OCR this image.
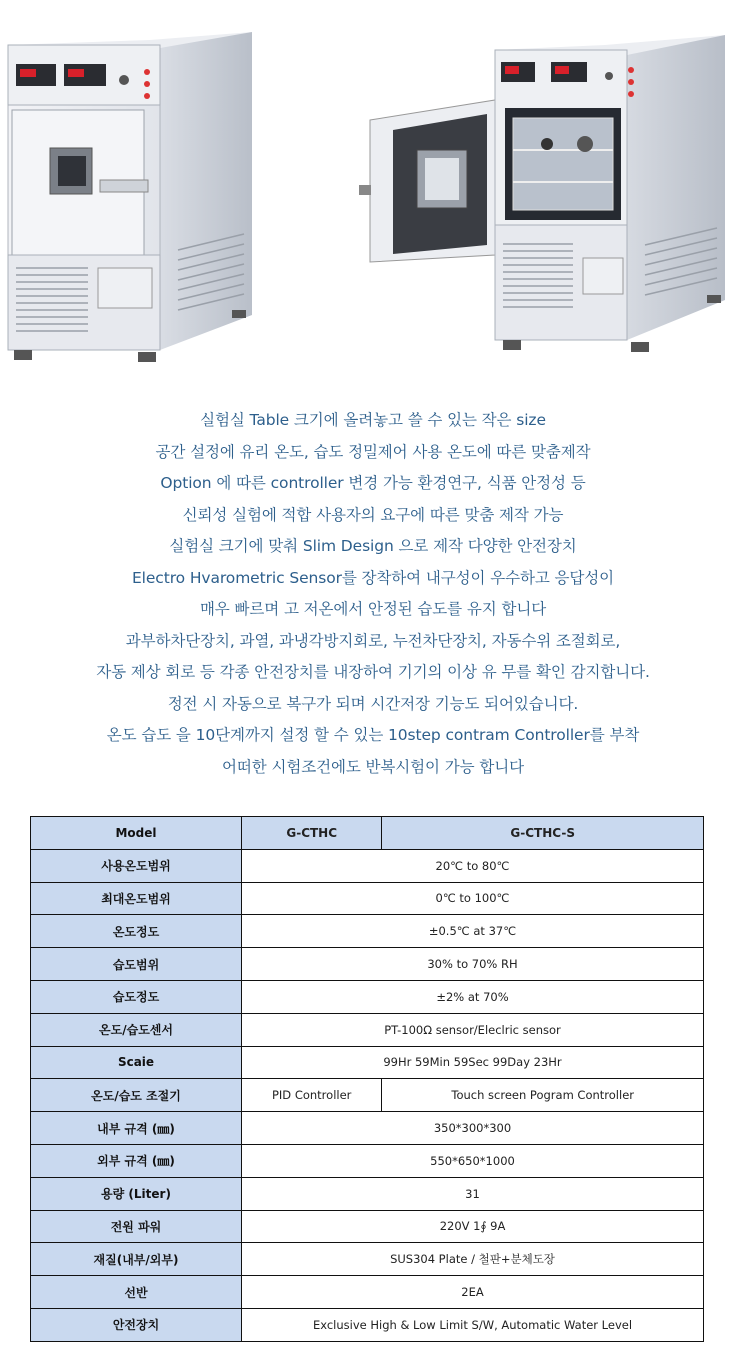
실험실 Table 크기에 올려놓고 쓸 수 있는 작은 size
공간 설정에 유리 온도, 습도 정밀제어 사용 온도에 따른 맞춤제작
Option 에 따른 controller 변경 가능 환경연구, 식품 안정성 등
신뢰성 실험에 적합 사용자의 요구에 따른 맞춤 제작 가능
실험실 크기에 맞춰 Slim Design 으로 제작 다양한 안전장치
Electro Hvarometric Sensor를 장착하여 내구성이 우수하고 응답성이
매우 빠르며 고 저온에서 안정된 습도를 유지 합니다
과부하차단장치, 과열, 과냉각방지회로, 누전차단장치, 자동수위 조절회로,
자동 제상 회로 등 각종 안전장치를 내장하여 기기의 이상 유 무를 확인 감지합니다.
정전 시 자동으로 복구가 되며 시간저장 기능도 되어있습니다.
온도 습도 을 10단계까지 설정 할 수 있는 10step contram Controller를 부착
어떠한 시험조건에도 반복시험이 가능 합니다
Model	G-CTHC	G-CTHC-S
사용온도범위	20℃ to 80℃	
최대온도범위	0℃ to 100℃	
온도정도	±0.5℃ at 37℃	
습도범위	30% to 70% RH	
습도정도	±2% at 70%	
온도/습도센서	PT-100Ω sensor/Eleclric sensor	
Scaie	99Hr 59Min 59Sec 99Day 23Hr	
온도/습도 조절기	PID Controller	Touch screen Pogram Controller
내부 규격 (㎜)	350*300*300	
외부 규격 (㎜)	550*650*1000	
용량 (Liter)	31	
전원 파워	220V 1∮ 9A	
재질(내부/외부)	SUS304 Plate / 철판+분체도장	
선반	2EA	
안전장치	Exclusive High & Low Limit S/W, Automatic Water Level	
